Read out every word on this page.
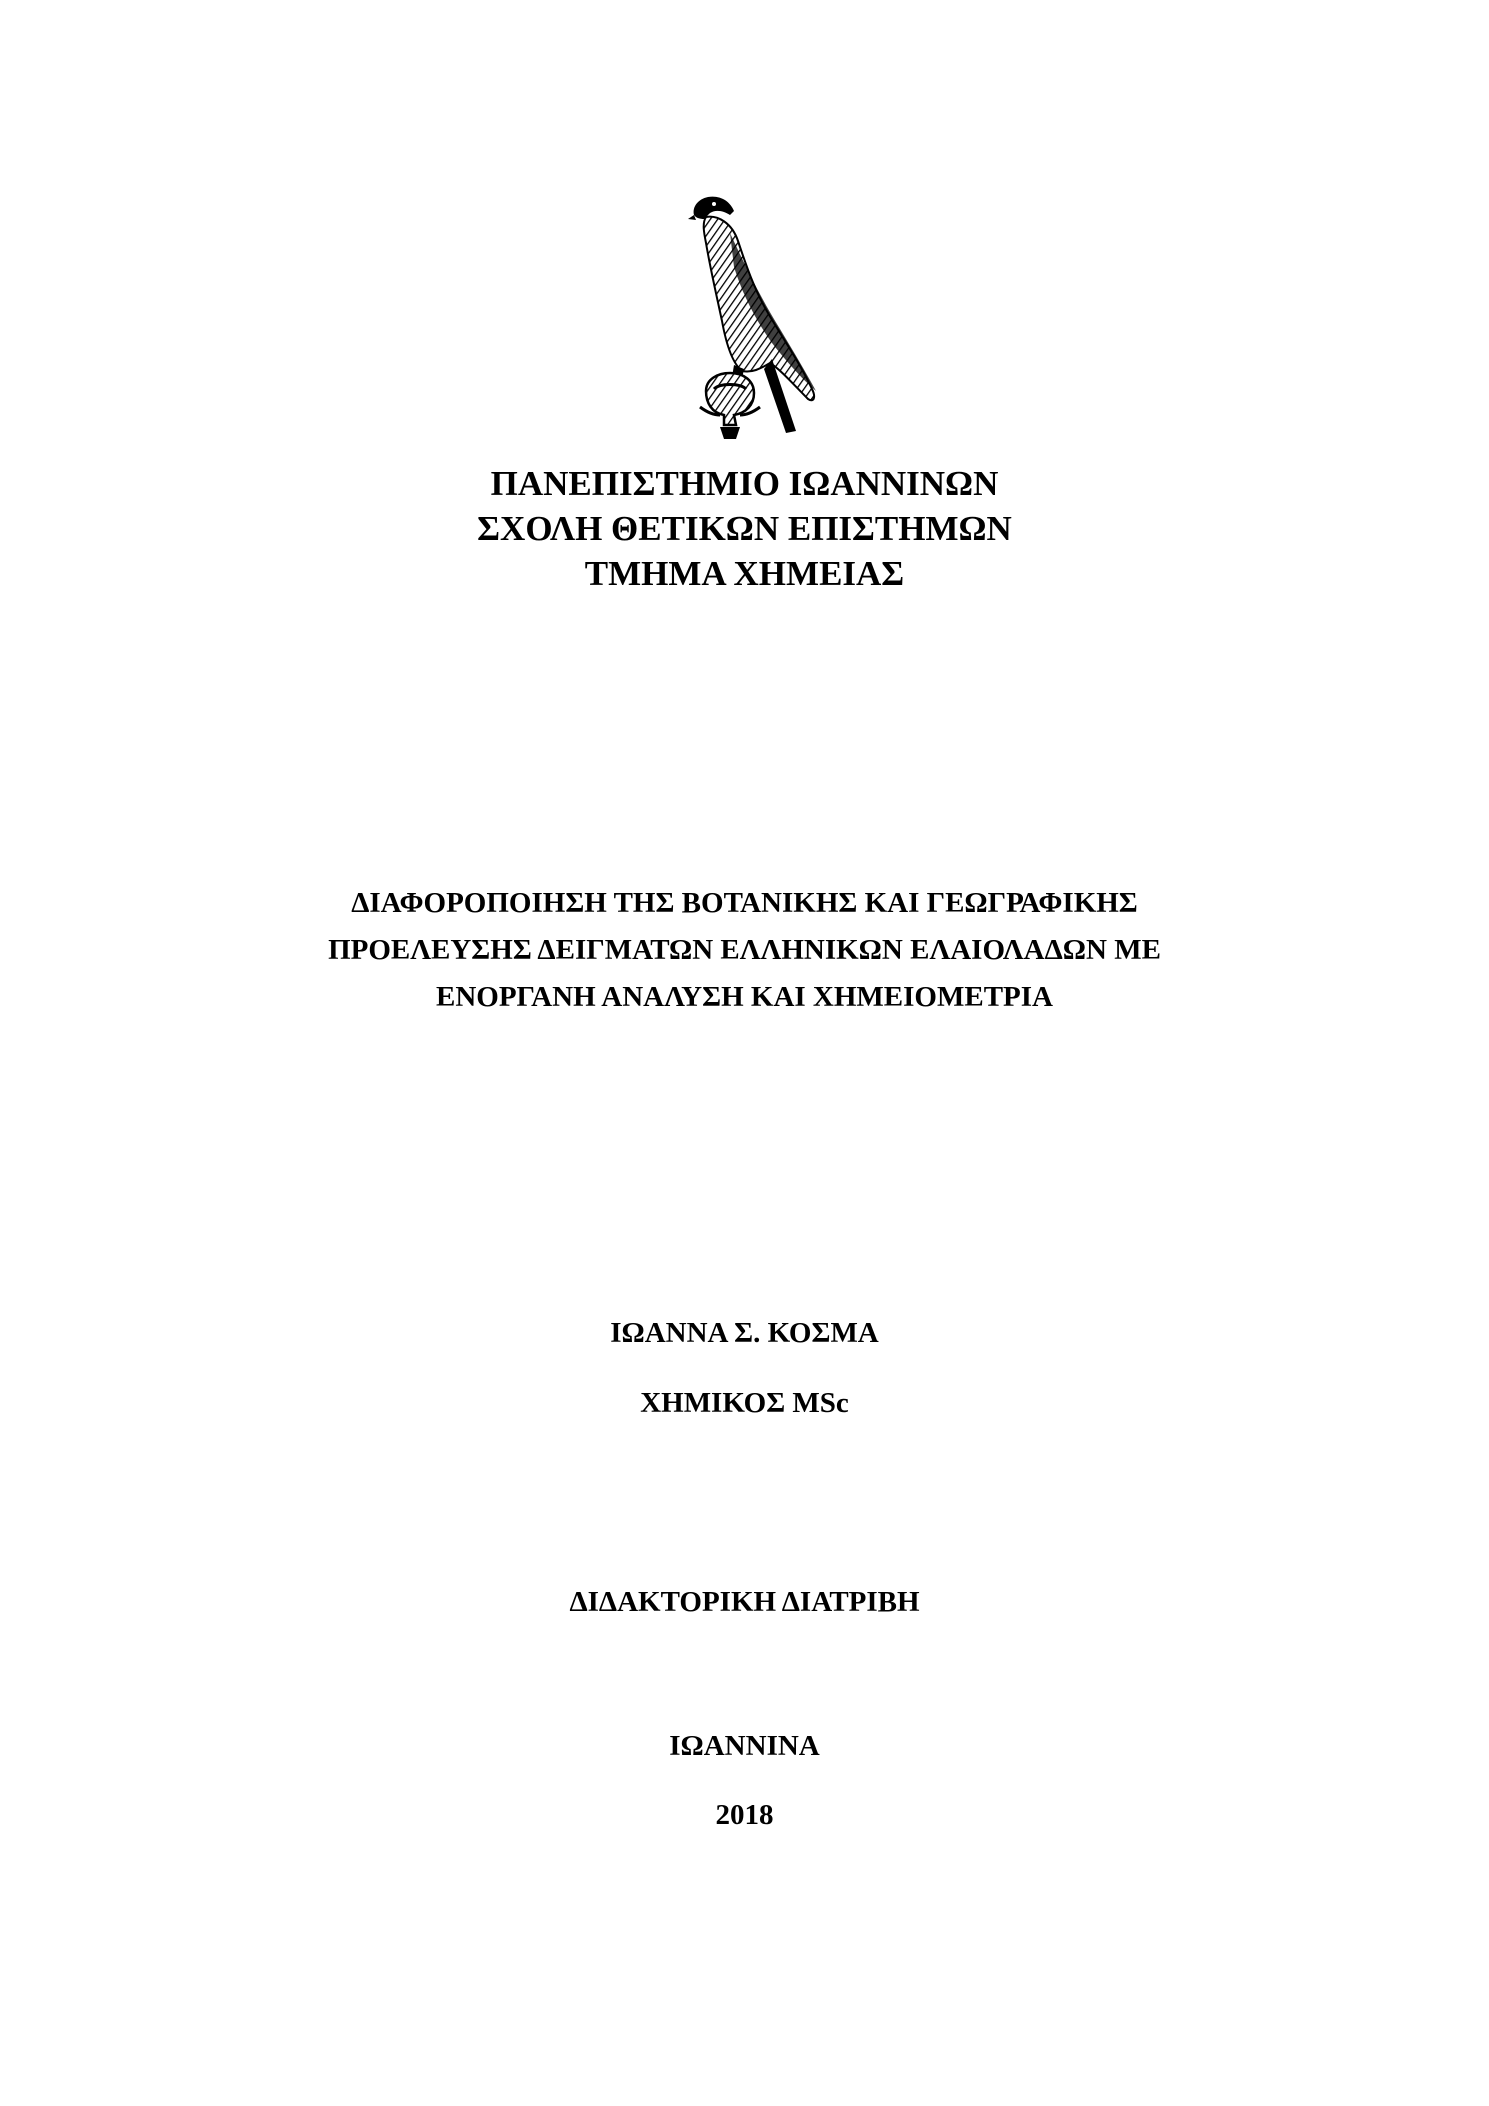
ΠΑΝΕΠΙΣΤΗΜΙΟ ΙΩΑΝΝΙΝΩΝ
ΣΧΟΛΗ ΘΕΤΙΚΩΝ ΕΠΙΣΤΗΜΩΝ
ΤΜΗΜΑ ΧΗΜΕΙΑΣ
ΔΙΑΦΟΡΟΠΟΙΗΣΗ ΤΗΣ ΒΟΤΑΝΙΚΗΣ ΚΑΙ ΓΕΩΓΡΑΦΙΚΗΣ
ΠΡΟΕΛΕΥΣΗΣ ΔΕΙΓΜΑΤΩΝ ΕΛΛΗΝΙΚΩΝ ΕΛΑΙΟΛΑΔΩΝ ΜΕ
ΕΝΟΡΓΑΝΗ ΑΝΑΛΥΣΗ ΚΑΙ ΧΗΜΕΙΟΜΕΤΡΙΑ
ΙΩΑΝΝΑ Σ. ΚΟΣΜΑ
ΧΗΜΙΚΟΣ MSc
ΔΙΔΑΚΤΟΡΙΚΗ ΔΙΑΤΡΙΒΗ
ΙΩΑΝΝΙΝΑ
2018
